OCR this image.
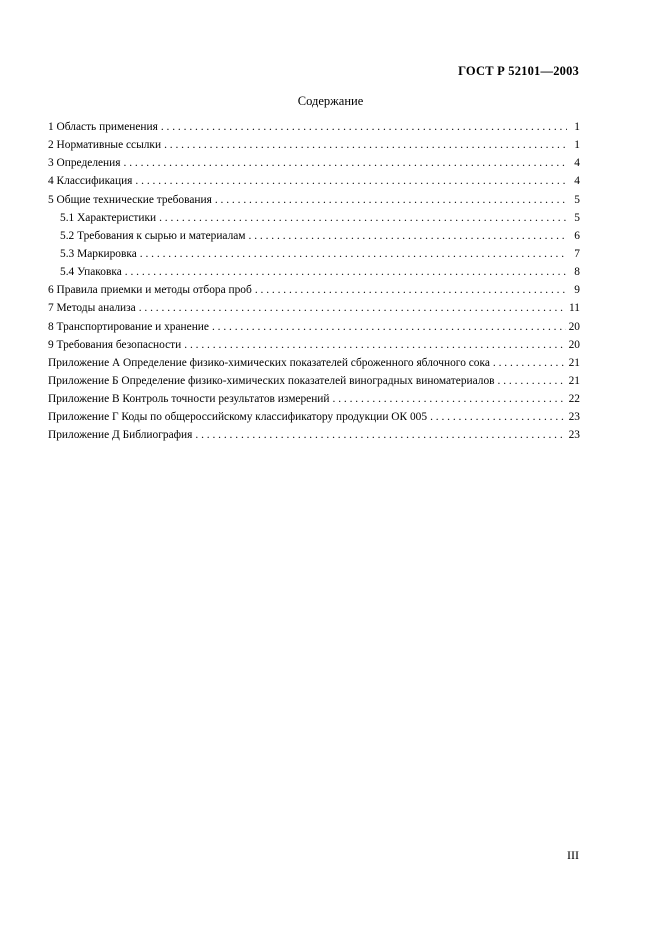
ГОСТ Р 52101—2003
Содержание
1 Область применения . . .	1
2 Нормативные ссылки . . .	1
3 Определения . . .	4
4 Классификация . . .	4
5 Общие технические требования . . .	5
5.1 Характеристики . . .	5
5.2 Требования к сырью и материалам . . .	6
5.3 Маркировка . . .	7
5.4 Упаковка . . .	8
6 Правила приемки и методы отбора проб . . .	9
7 Методы анализа . . .	11
8 Транспортирование и хранение . . .	20
9 Требования безопасности . . .	20
Приложение А Определение физико-химических показателей сброженного яблочного сока . . .	21
Приложение Б Определение физико-химических показателей виноградных виноматериалов . . .	21
Приложение В Контроль точности результатов измерений . . .	22
Приложение Г Коды по общероссийскому классификатору продукции ОК 005 . . .	23
Приложение Д Библиография . . .	23
III
